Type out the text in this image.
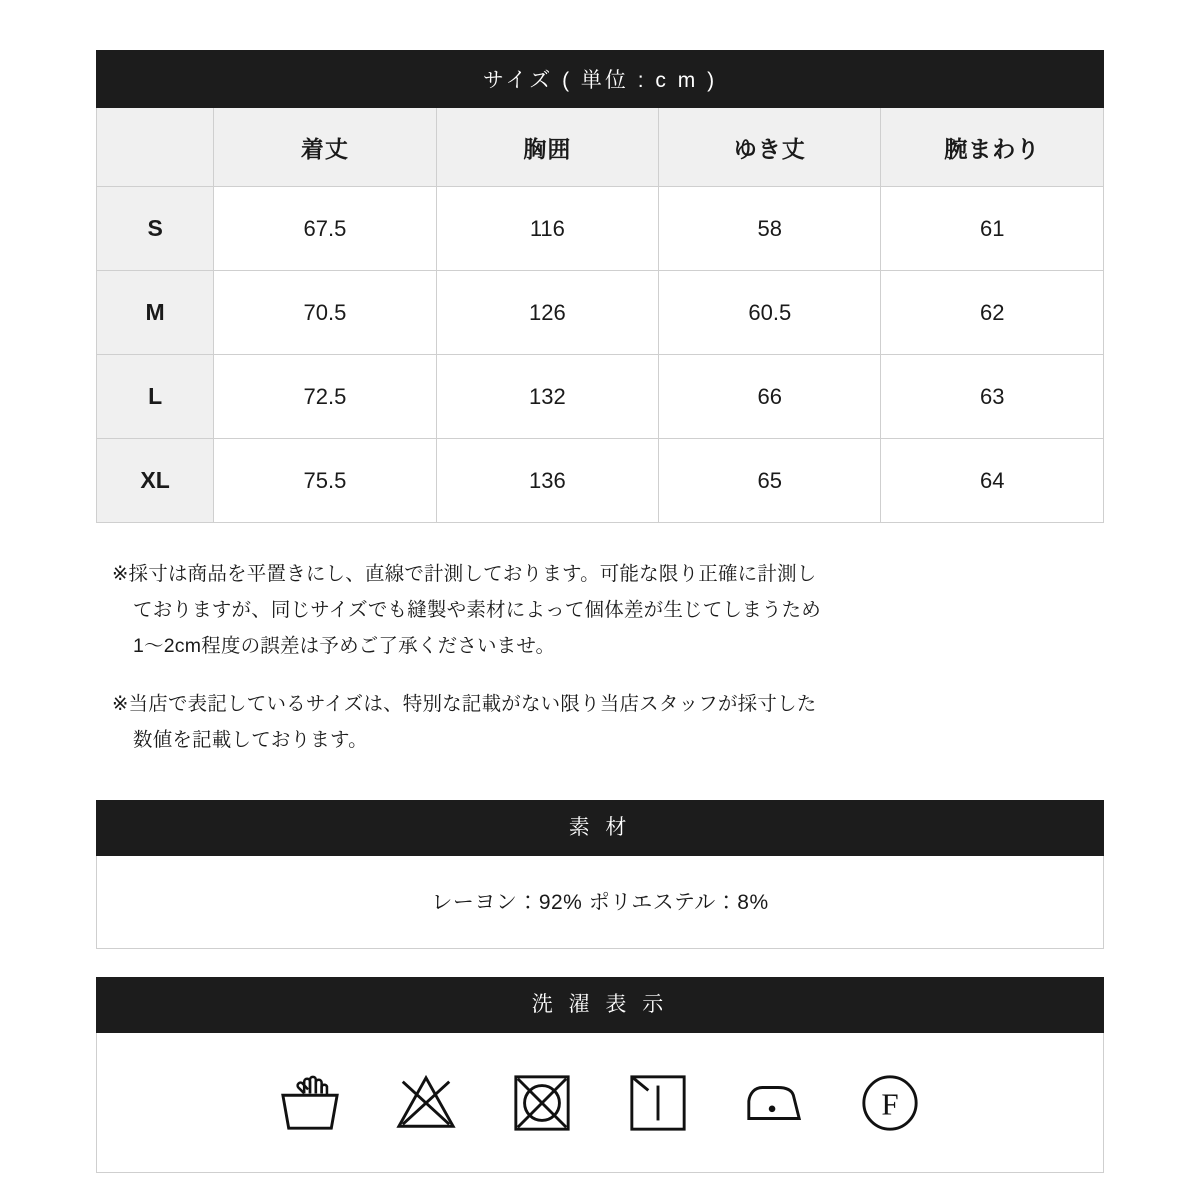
サイズ ( 単位 : c m )				
	着丈	胸囲	ゆき丈	腕まわり
S	67.5	116	58	61
M	70.5	126	60.5	62
L	72.5	132	66	63
XL	75.5	136	65	64
※採寸は商品を平置きにし、直線で計測しております。可能な限り正確に計測し
ておりますが、同じサイズでも縫製や素材によって個体差が生じてしまうため
1〜2cm程度の誤差は予めご了承くださいませ。
※当店で表記しているサイズは、特別な記載がない限り当店スタッフが採寸した
数値を記載しております。
素 材
レーヨン：92% ポリエステル：8%
洗 濯 表 示
F
